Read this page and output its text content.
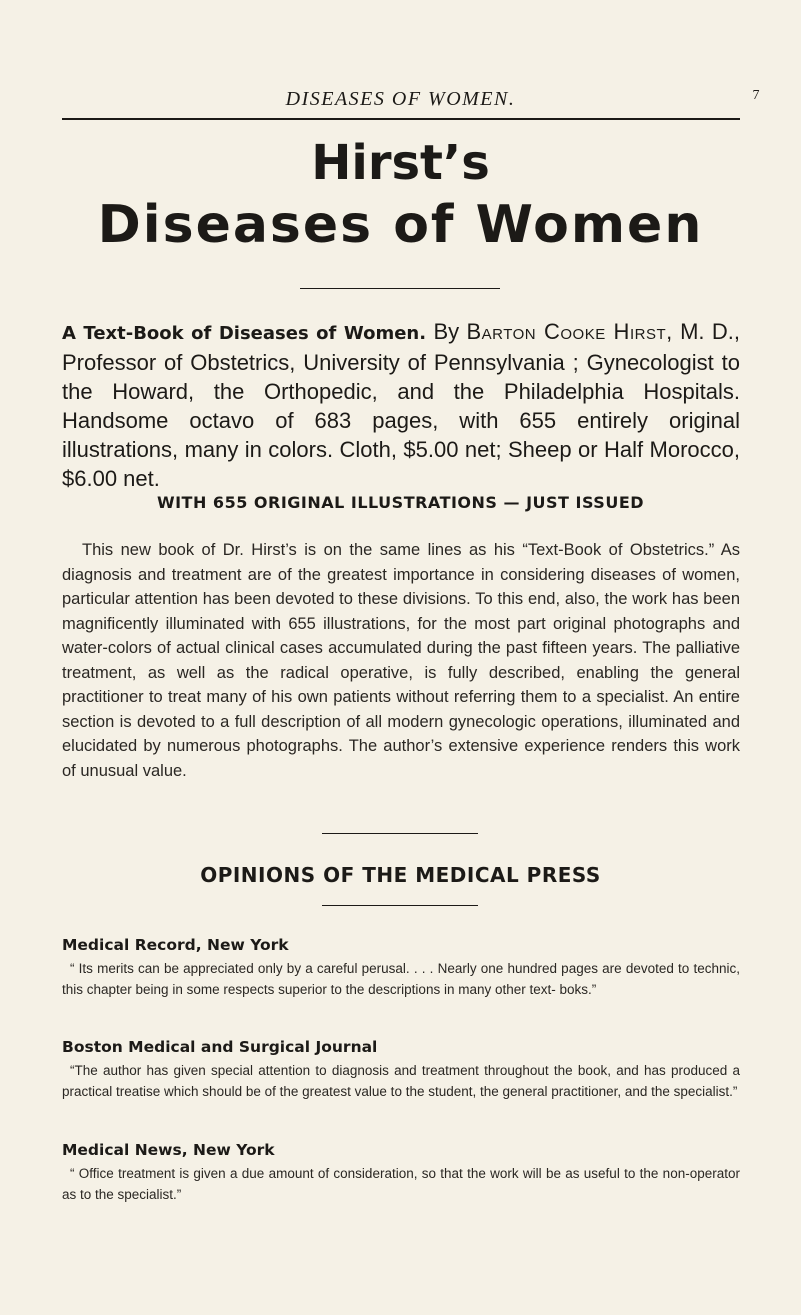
DISEASES OF WOMEN.	7
Hirst’s
Diseases of Women
A Text-Book of Diseases of Women. By Barton Cooke Hirst, M. D., Professor of Obstetrics, University of Pennsylvania ; Gynecologist to the Howard, the Orthopedic, and the Philadelphia Hospitals. Handsome octavo of 683 pages, with 655 entirely original illustrations, many in colors. Cloth, $5.00 net; Sheep or Half Morocco, $6.00 net.
WITH 655 ORIGINAL ILLUSTRATIONS — JUST ISSUED
This new book of Dr. Hirst’s is on the same lines as his “Text-Book of Obstetrics.” As diagnosis and treatment are of the greatest importance in considering diseases of women, particular attention has been devoted to these divisions. To this end, also, the work has been magnificently illuminated with 655 illustrations, for the most part original photographs and water-colors of actual clinical cases accumulated during the past fifteen years. The palliative treatment, as well as the radical operative, is fully described, enabling the general practitioner to treat many of his own patients without referring them to a specialist. An entire section is devoted to a full description of all modern gynecologic operations, illuminated and elucidated by numerous photographs. The author’s extensive experience renders this work of unusual value.
OPINIONS OF THE MEDICAL PRESS
Medical Record, New York
“ Its merits can be appreciated only by a careful perusal. . . . Nearly one hundred pages are devoted to technic, this chapter being in some respects superior to the descriptions in many other text- boks.”
Boston Medical and Surgical Journal
“The author has given special attention to diagnosis and treatment throughout the book, and has produced a practical treatise which should be of the greatest value to the student, the general practitioner, and the specialist.”
Medical News, New York
“ Office treatment is given a due amount of consideration, so that the work will be as useful to the non-operator as to the specialist.”
